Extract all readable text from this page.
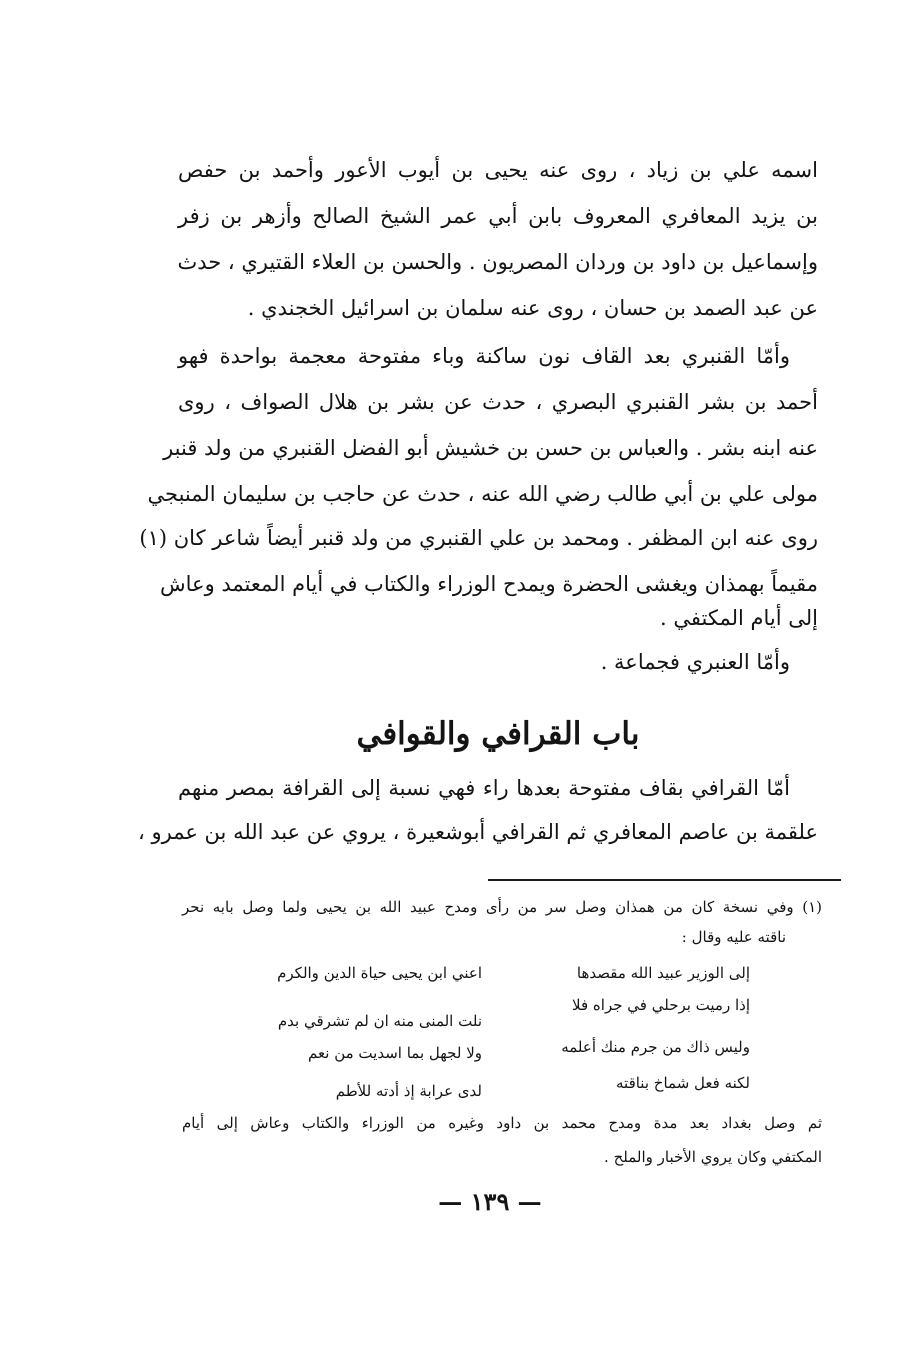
اسمه علي بن زياد ، روى عنه يحيى بن أيوب الأعور وأحمد بن حفص
بن يزيد المعافري المعروف بابن أبي عمر الشيخ الصالح وأزهر بن زفر
وإسماعيل بن داود بن وردان المصريون . والحسن بن العلاء القتيري ، حدث
عن عبد الصمد بن حسان ، روى عنه سلمان بن اسرائيل الخجندي .
وأمّا القنبري بعد القاف نون ساكنة وباء مفتوحة معجمة بواحدة فهو
أحمد بن بشر القنبري البصري ، حدث عن بشر بن هلال الصواف ، روى
عنه ابنه بشر . والعباس بن حسن بن خشيش أبو الفضل القنبري من ولد قنبر
مولى علي بن أبي طالب رضي الله عنه ، حدث عن حاجب بن سليمان المنبجي
روى عنه ابن المظفر . ومحمد بن علي القنبري من ولد قنبر أيضاً شاعر كان (١)
مقيماً بهمذان ويغشى الحضرة ويمدح الوزراء والكتاب في أيام المعتمد وعاش
إلى أيام المكتفي .
وأمّا العنبري فجماعة .
باب القرافي والقوافي
أمّا القرافي بقاف مفتوحة بعدها راء فهي نسبة إلى القرافة بمصر منهم
علقمة بن عاصم المعافري ثم القرافي أبوشعيرة ، يروي عن عبد الله بن عمرو ،
(١) وفي نسخة كان من همذان وصل سر من رأى ومدح عبيد الله بن يحيى ولما وصل بابه نحر
ناقته عليه وقال :
إلى الوزير عبيد الله مقصدها
اعني ابن يحيى حياة الدين والكرم
إذا رميت برحلي في جراه فلا
نلت المنى منه ان لم تشرقي بدم
وليس ذاك من جرم منك أعلمه
ولا لجهل بما اسديت من نعم
لكنه فعل شماخ بناقته
لدى عرابة إذ أدته للأطم
ثم وصل بغداد بعد مدة ومدح محمد بن داود وغيره من الوزراء والكتاب وعاش إلى أيام
المكتفي وكان يروي الأخبار والملح .
— ١٣٩ —
